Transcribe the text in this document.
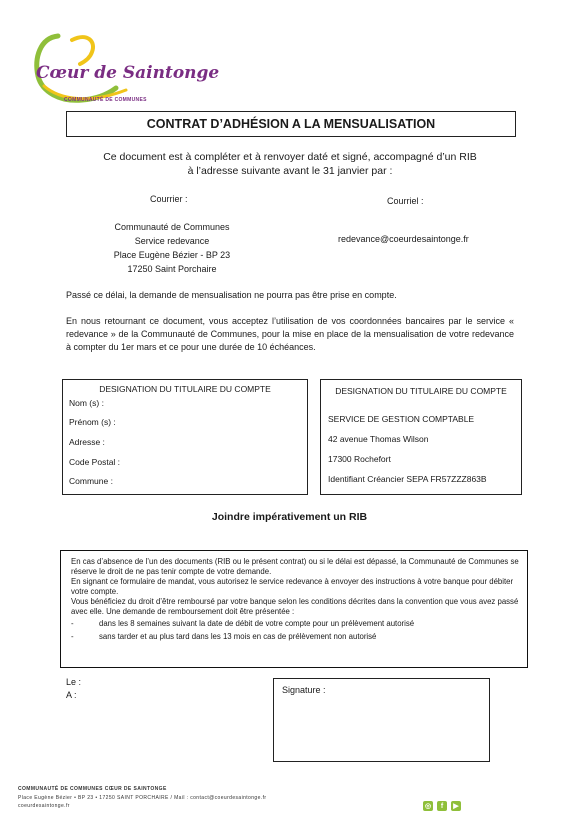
Cœur de Saintonge
COMMUNAUTÉ DE COMMUNES
CONTRAT D’ADHÉSION A LA MENSUALISATION
Ce document est à compléter et à renvoyer daté et signé, accompagné d’un RIB
à l’adresse suivante avant le 31 janvier par :
Courrier :
Communauté de Communes
Service redevance
Place Eugène Bézier - BP 23
17250 Saint Porchaire
Courriel :
redevance@coeurdesaintonge.fr
Passé ce délai, la demande de mensualisation ne pourra pas être prise en compte.
En nous retournant ce document, vous acceptez l’utilisation de vos coordonnées bancaires par le service « redevance » de la Communauté de Communes, pour la mise en place de la mensualisation de votre redevance à compter du 1er mars et ce pour une durée de 10 échéances.
DESIGNATION DU TITULAIRE DU COMPTE
Nom (s) :
Prénom (s) :
Adresse :
Code Postal :
Commune :
DESIGNATION DU TITULAIRE DU COMPTE
SERVICE DE GESTION COMPTABLE
42 avenue Thomas Wilson
17300 Rochefort
Identifiant Créancier SEPA FR57ZZZ863B
Joindre impérativement un RIB

En cas d’absence de l’un des documents (RIB ou le présent contrat) ou si le délai est dépassé, la Communauté de Communes se réserve le droit de ne pas tenir compte de votre demande.

En signant ce formulaire de mandat, vous autorisez le service redevance à envoyer des instructions à votre banque pour débiter votre compte.

Vous bénéficiez du droit d’être remboursé par votre banque selon les conditions décrites dans la convention que vous avez passé avec elle. Une demande de remboursement doit être présentée :

-	dans les 8 semaines suivant la date de débit de votre compte pour un prélèvement autorisé

-	sans tarder et au plus tard dans les 13 mois en cas de prélèvement non autorisé

Le :
A :	Signature :
COMMUNAUTÉ DE COMMUNES CŒUR DE SAINTONGE
Place Eugène Bézier • BP 23 • 17250 SAINT PORCHAIRE / Mail : contact@coeurdesaintonge.fr
coeurdesaintonge.fr	◎	f	▶
